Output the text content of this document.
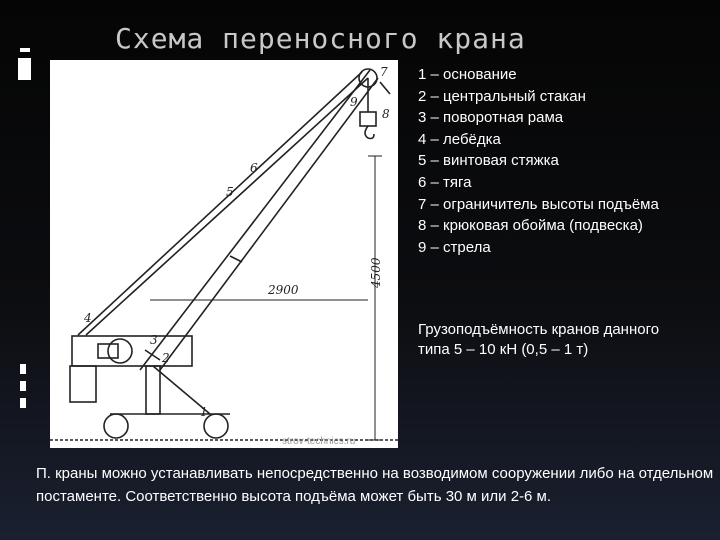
Схема переносного крана
2900
4500
1
2
3
4
5
6
7
8
9
strov-technics.ru
1 – основание
2 – центральный стакан
3 – поворотная рама
4 – лебёдка
5 – винтовая стяжка
6 – тяга
7 – ограничитель высоты подъёма
8 – крюковая обойма (подвеска)
9 – стрела
Грузоподъёмность кранов данного типа 5 – 10 кН (0,5 – 1 т)
П. краны можно устанавливать непосредственно на возводимом сооружении либо на отдельном постаменте. Соответственно высота подъёма может быть 30 м или 2-6 м.
